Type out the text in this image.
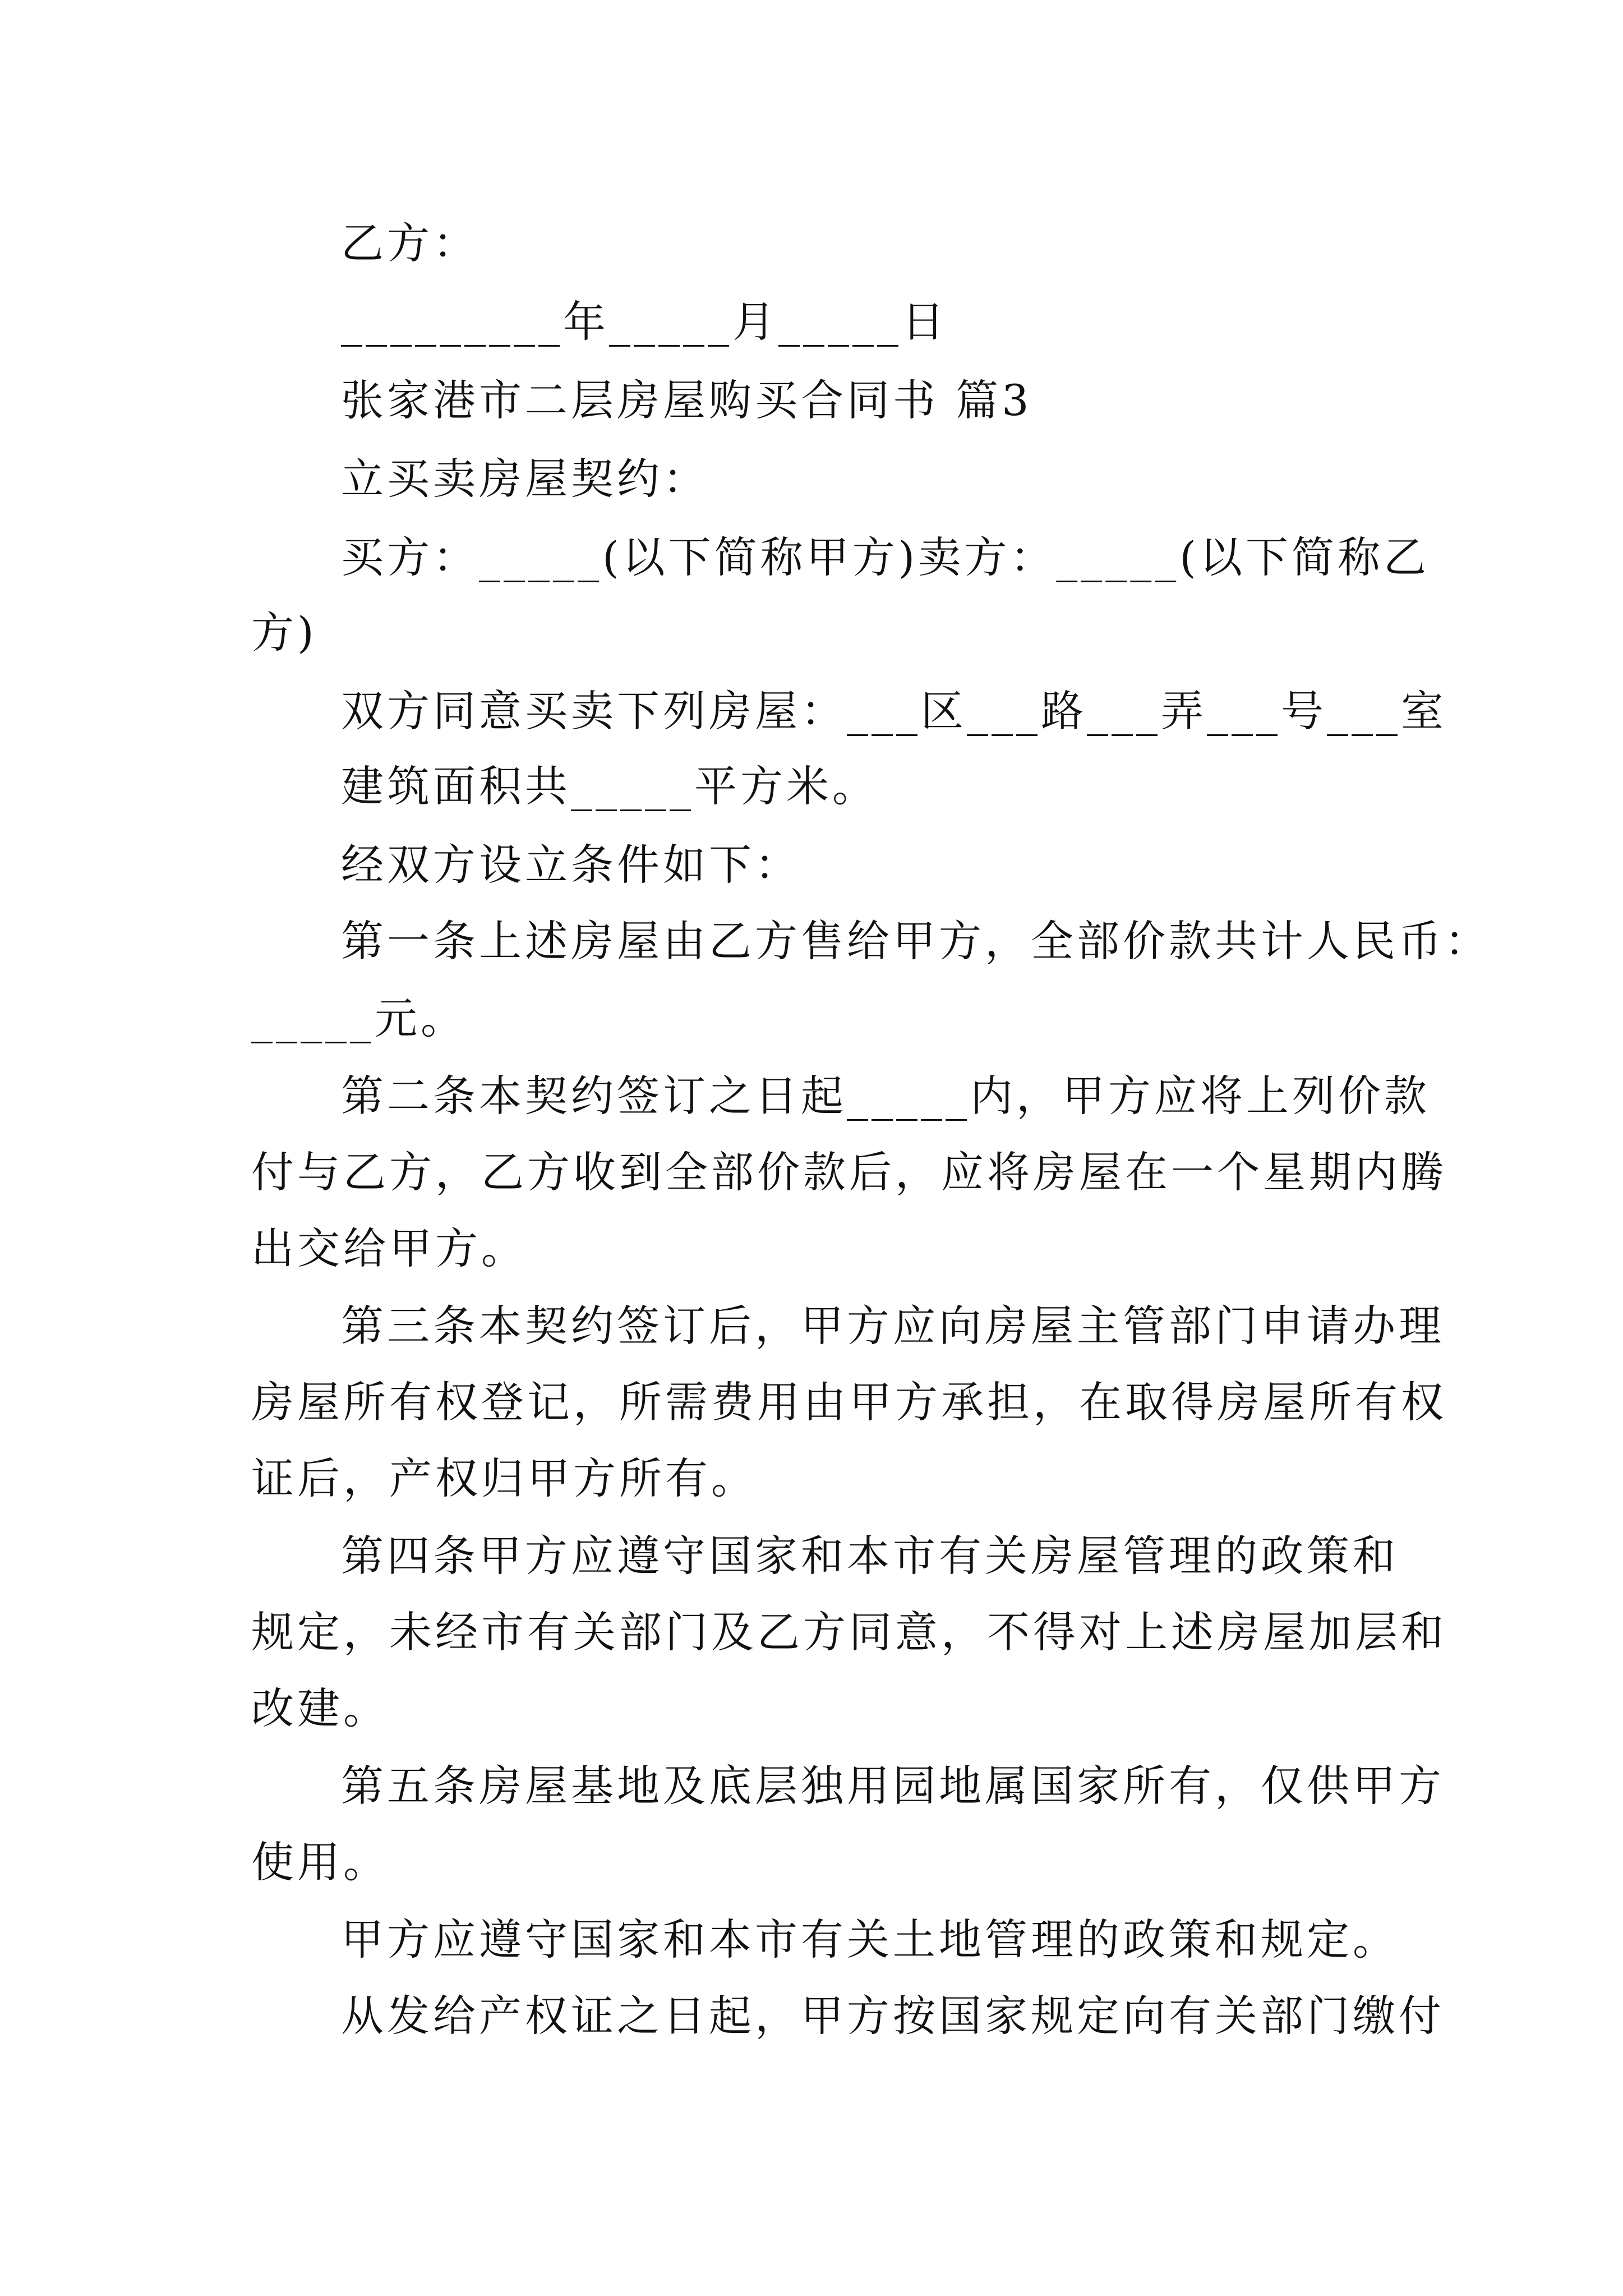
乙方：
_________年_____月_____日
张家港市二层房屋购买合同书 篇3
立买卖房屋契约：
买方：_____(以下简称甲方)卖方：_____(以下简称乙
方)
双方同意买卖下列房屋：___区___路___弄___号___室
建筑面积共_____平方米。
经双方设立条件如下：
第一条上述房屋由乙方售给甲方，全部价款共计人民币：
_____元。
第二条本契约签订之日起_____内，甲方应将上列价款
付与乙方，乙方收到全部价款后，应将房屋在一个星期内腾
出交给甲方。
第三条本契约签订后，甲方应向房屋主管部门申请办理
房屋所有权登记，所需费用由甲方承担，在取得房屋所有权
证后，产权归甲方所有。
第四条甲方应遵守国家和本市有关房屋管理的政策和
规定，未经市有关部门及乙方同意，不得对上述房屋加层和
改建。
第五条房屋基地及底层独用园地属国家所有，仅供甲方
使用。
甲方应遵守国家和本市有关土地管理的政策和规定。
从发给产权证之日起，甲方按国家规定向有关部门缴付
